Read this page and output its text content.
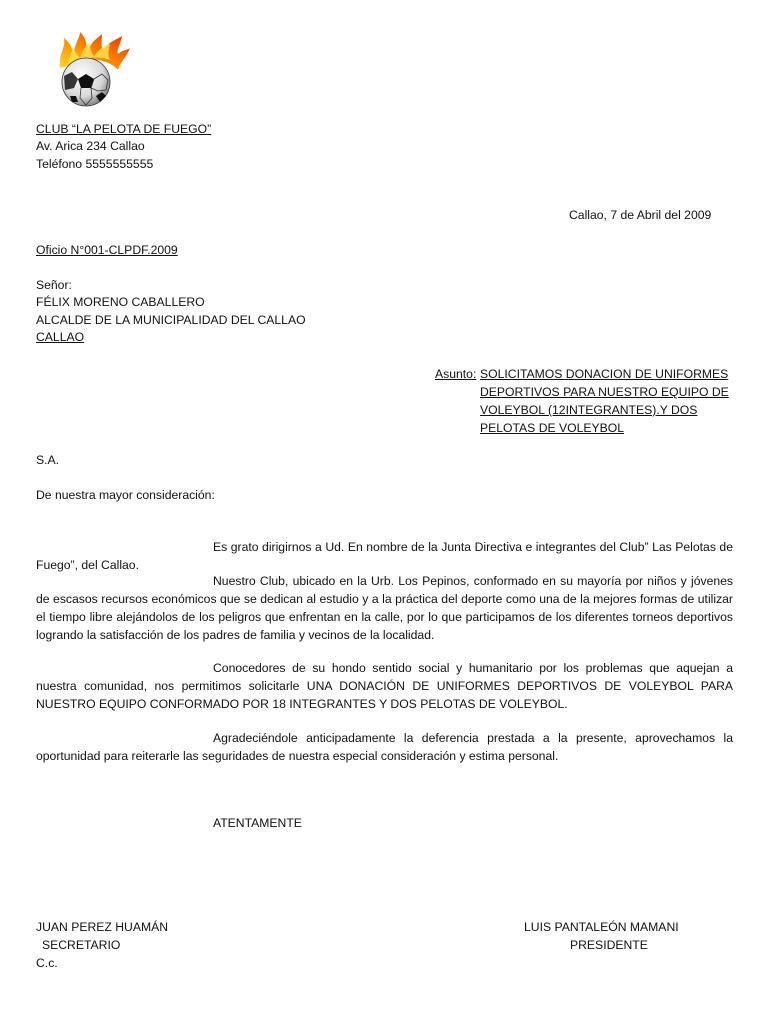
CLUB “LA PELOTA DE FUEGO”
Av. Arica 234 Callao
Teléfono 5555555555
Callao, 7 de Abril del 2009
Oficio N°001-CLPDF.2009
Señor:
FÉLIX MORENO CABALLERO
ALCALDE DE LA MUNICIPALIDAD DEL CALLAO
CALLAO
Asunto: SOLICITAMOS DONACION DE UNIFORMES
DEPORTIVOS PARA NUESTRO EQUIPO DE
VOLEYBOL (12INTEGRANTES).Y DOS
PELOTAS DE VOLEYBOL
S.A.
De nuestra mayor consideración:

Es grato dirigirnos a Ud. En nombre de la Junta Directiva e integrantes del Club” Las Pelotas de Fuego”, del Callao.

Nuestro Club, ubicado en la Urb. Los Pepinos, conformado en su mayoría por niños y jóvenes de escasos recursos económicos que se dedican al estudio y a la práctica del deporte como una de la mejores formas de utilizar el tiempo libre alejándolos de los peligros que enfrentan en la calle, por lo que participamos de los diferentes torneos deportivos logrando la satisfacción de los padres de familia y vecinos de la localidad.

Conocedores de su hondo sentido social y humanitario por los problemas que aquejan a nuestra comunidad, nos permitimos solicitarle UNA DONACIÓN DE UNIFORMES DEPORTIVOS DE VOLEYBOL PARA NUESTRO EQUIPO CONFORMADO POR 18 INTEGRANTES Y DOS PELOTAS DE VOLEYBOL.

Agradeciéndole anticipadamente la deferencia prestada a la presente, aprovechamos la oportunidad para reiterarle las seguridades de nuestra especial consideración y estima personal.

ATENTAMENTE
JUAN PEREZ HUAMÁN
SECRETARIO
C.c.
LUIS PANTALEÓN MAMANI
PRESIDENTE
